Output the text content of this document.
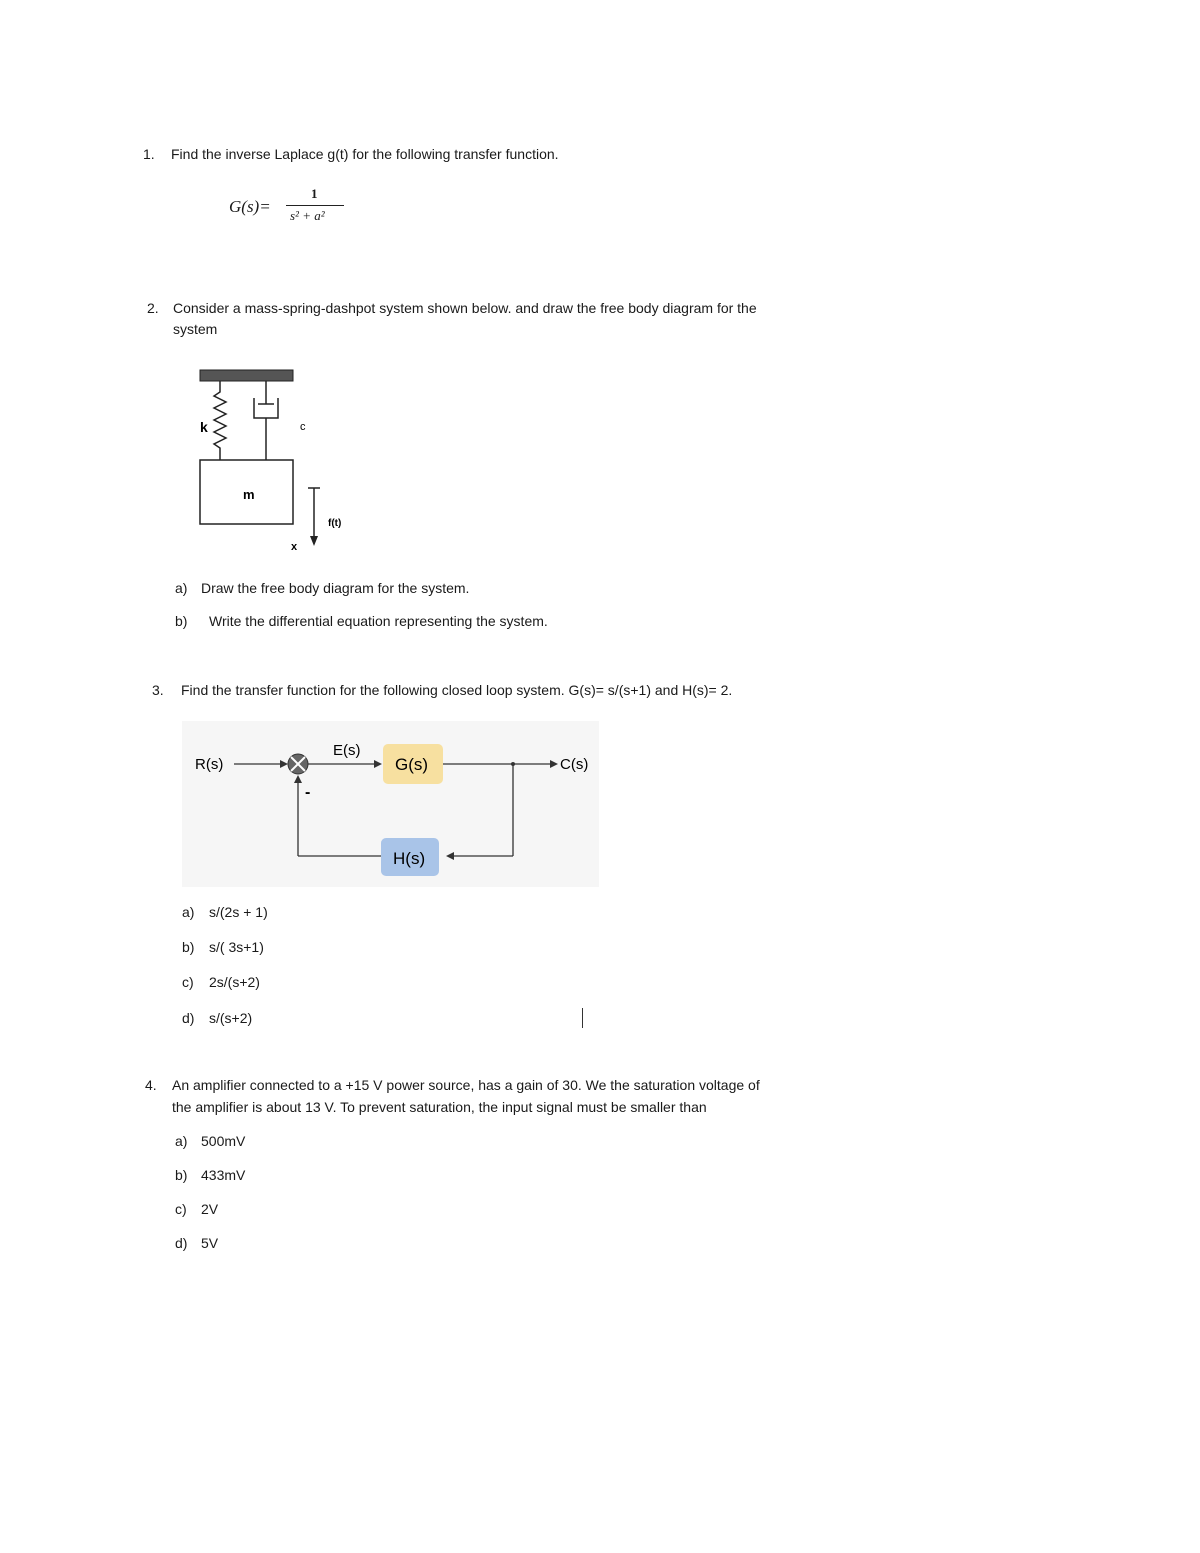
1. Find the inverse Laplace g(t) for the following transfer function.
G(s)=
1
s² + a²
2. Consider a mass-spring-dashpot system shown below. and draw the free body diagram for the
system
k	c
m
f(t)
x
a) Draw the free body diagram for the system.
b) Write the differential equation representing the system.
3. Find the transfer function for the following closed loop system. G(s)= s/(s+1) and H(s)= 2.
R(s)
E(s)
G(s)	C(s)
H(s)
-
a) s/(2s + 1)
b) s/( 3s+1)
c) 2s/(s+2)
d) s/(s+2)
4. An amplifier connected to a +15 V power source, has a gain of 30. We the saturation voltage of
the amplifier is about 13 V. To prevent saturation, the input signal must be smaller than
a) 500mV
b) 433mV
c) 2V
d) 5V
